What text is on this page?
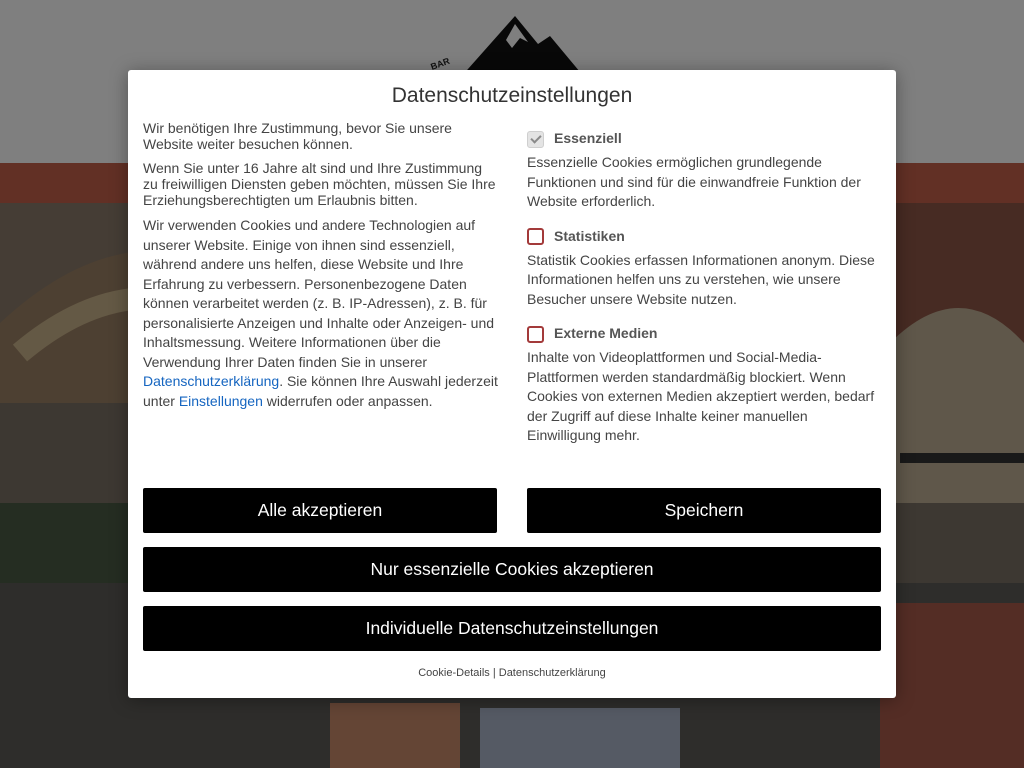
Datenschutzeinstellungen

Wir benötigen Ihre Zustimmung, bevor Sie unsere Website weiter besuchen können.

Wenn Sie unter 16 Jahre alt sind und Ihre Zustimmung zu freiwilligen Diensten geben möchten, müssen Sie Ihre Erziehungsberechtigten um Erlaubnis bitten.

Wir verwenden Cookies und andere Technologien auf unserer Website. Einige von ihnen sind essenziell, während andere uns helfen, diese Website und Ihre Erfahrung zu verbessern. Personenbezogene Daten können verarbeitet werden (z. B. IP-Adressen), z. B. für personalisierte Anzeigen und Inhalte oder Anzeigen- und Inhaltsmessung. Weitere Informationen über die Verwendung Ihrer Daten finden Sie in unserer Datenschutzerklärung. Sie können Ihre Auswahl jederzeit unter Einstellungen widerrufen oder anpassen.

Essenziell

Essenzielle Cookies ermöglichen grundlegende Funktionen und sind für die einwandfreie Funktion der Website erforderlich.

Statistiken

Statistik Cookies erfassen Informationen anonym. Diese Informationen helfen uns zu verstehen, wie unsere Besucher unsere Website nutzen.

Externe Medien

Inhalte von Videoplattformen und Social-Media-Plattformen werden standardmäßig blockiert. Wenn Cookies von externen Medien akzeptiert werden, bedarf der Zugriff auf diese Inhalte keiner manuellen Einwilligung mehr.

Alle akzeptieren	Speichern
Nur essenzielle Cookies akzeptieren
Individuelle Datenschutzeinstellungen
Cookie-Details | Datenschutzerklärung
